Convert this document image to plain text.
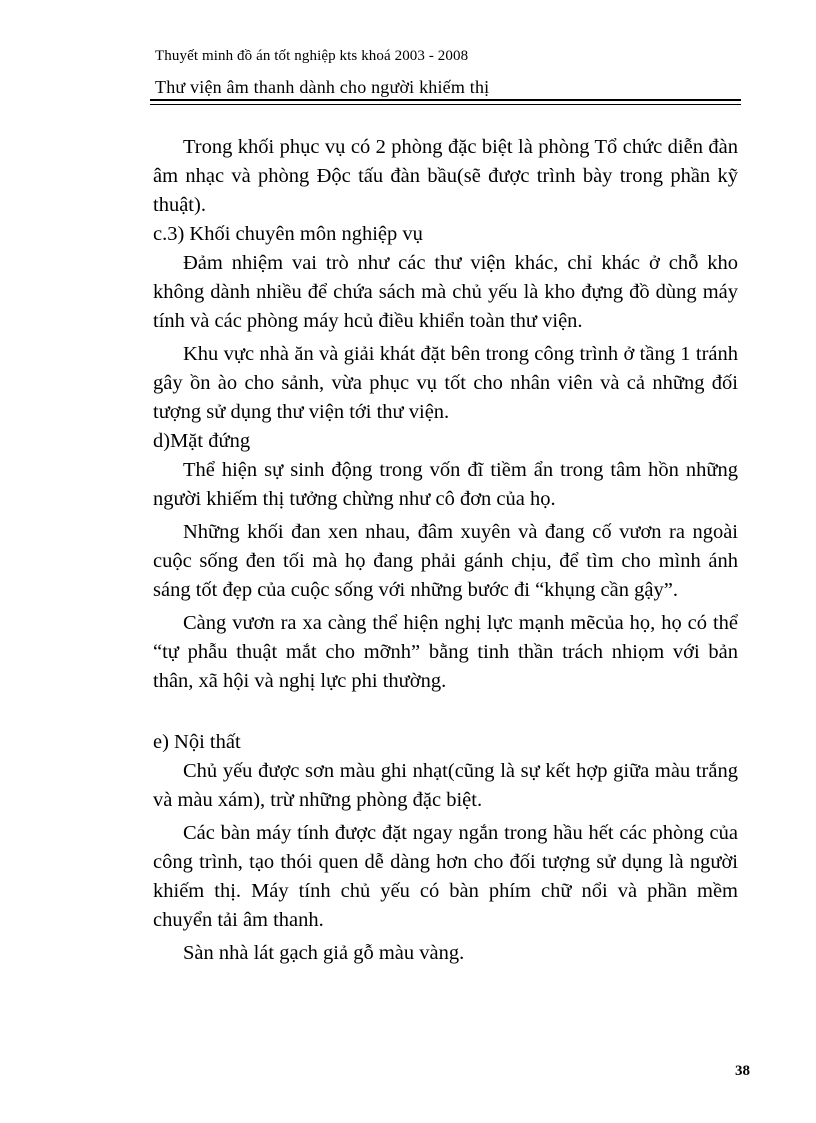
Thuyết minh đồ án tốt nghiệp kts khoá 2003 - 2008
Thư viện âm thanh dành cho người khiếm thị

Trong khối phục vụ có 2 phòng đặc biệt là phòng Tổ chức diễn đàn âm nhạc và phòng Độc tấu đàn bầu(sẽ được trình bày trong phần kỹ thuật).

c.3) Khối chuyên môn nghiệp vụ

Đảm nhiệm vai trò như các thư viện khác, chỉ khác ở chỗ kho không dành nhiều để chứa sách mà chủ yếu là kho đựng đồ dùng máy tính và các phòng máy hcủ điều khiển toàn thư viện.

Khu vực nhà ăn và giải khát đặt bên trong công trình ở tầng 1 tránh gây ồn ào cho sảnh, vừa phục vụ tốt cho nhân viên và cả những đối tượng sử dụng thư viện tới thư viện.

d)Mặt đứng

Thể hiện sự sinh động trong vốn đĩ tiềm ẩn trong tâm hồn những người khiếm thị tưởng chừng như cô đơn của họ.

Những khối đan xen nhau, đâm xuyên và đang cố vươn ra ngoài cuộc sống đen tối mà họ đang phải gánh chịu, để tìm cho mình ánh sáng tốt đẹp của cuộc sống với những bước đi “khụng cần gậy”.

Càng vươn ra xa càng thể hiện nghị lực mạnh mẽcủa họ, họ có thể “tự phẫu thuật mắt cho mỡnh” bằng tinh thần trách nhiọm với bản thân, xã hội và nghị lực phi thường.

e) Nội thất

Chủ yếu được sơn màu ghi nhạt(cũng là sự kết hợp giữa màu trắng và màu xám), trừ những phòng đặc biệt.

Các bàn máy tính được đặt ngay ngắn trong hầu hết các phòng của công trình, tạo thói quen dễ dàng hơn cho đối tượng sử dụng là người khiếm thị. Máy tính chủ yếu có bàn phím chữ nổi và phần mềm chuyển tải âm thanh.

Sàn nhà lát gạch giả gỗ màu vàng.

38
